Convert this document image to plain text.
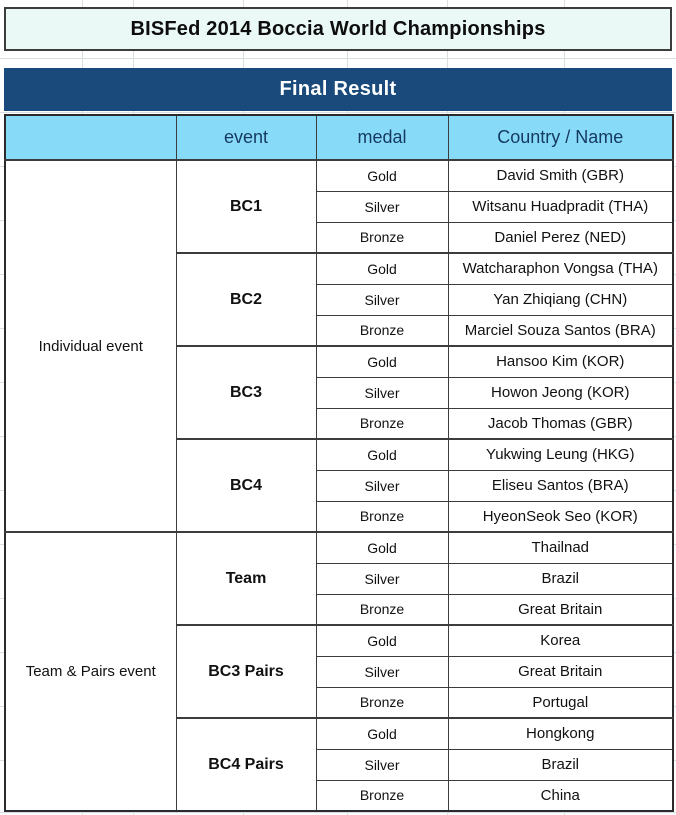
BISFed 2014 Boccia World Championships
Final Result
	event	medal	Country / Name
Individual event	BC1	Gold	David Smith (GBR)
		Silver	Witsanu Huadpradit (THA)
		Bronze	Daniel Perez (NED)
	BC2	Gold	Watcharaphon Vongsa (THA)
		Silver	Yan Zhiqiang (CHN)
		Bronze	Marciel Souza Santos (BRA)
	BC3	Gold	Hansoo Kim (KOR)
		Silver	Howon Jeong (KOR)
		Bronze	Jacob Thomas (GBR)
	BC4	Gold	Yukwing Leung (HKG)
		Silver	Eliseu Santos (BRA)
		Bronze	HyeonSeok Seo (KOR)
Team & Pairs event	Team	Gold	Thailnad
		Silver	Brazil
		Bronze	Great Britain
	BC3 Pairs	Gold	Korea
		Silver	Great Britain
		Bronze	Portugal
	BC4 Pairs	Gold	Hongkong
		Silver	Brazil
		Bronze	China
